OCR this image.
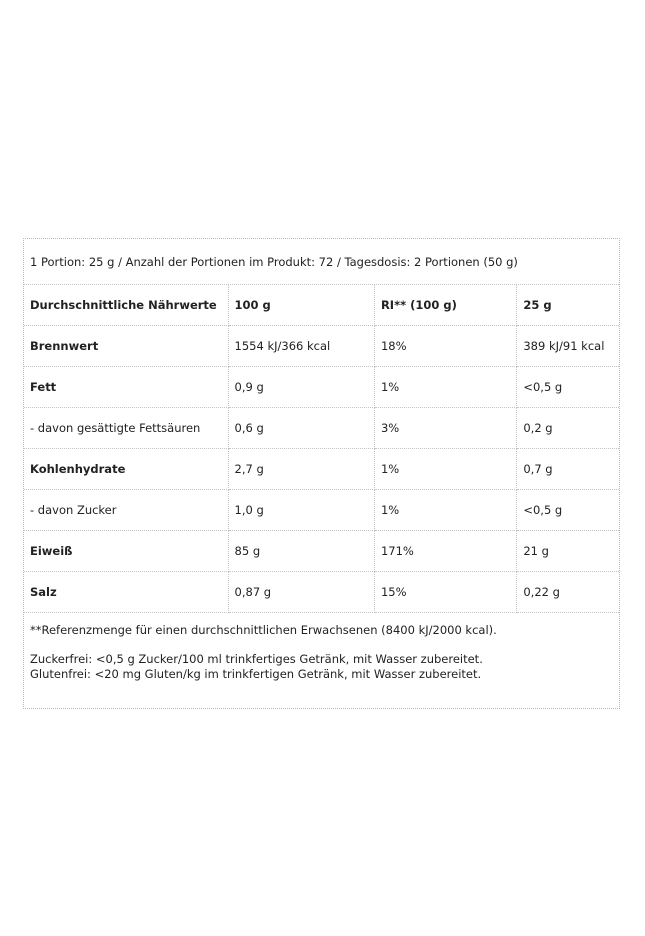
1 Portion: 25 g / Anzahl der Portionen im Produkt: 72 / Tagesdosis: 2 Portionen (50 g)			
Durchschnittliche Nährwerte	100 g	RI** (100 g)	25 g
Brennwert	1554 kJ/366 kcal	18%	389 kJ/91 kcal
Fett	0,9 g	1%	<0,5 g
- davon gesättigte Fettsäuren	0,6 g	3%	0,2 g
Kohlenhydrate	2,7 g	1%	0,7 g
- davon Zucker	1,0 g	1%	<0,5 g
Eiweiß	85 g	171%	21 g
Salz	0,87 g	15%	0,22 g

**Referenzmenge für einen durchschnittlichen Erwachsenen (8400 kJ/2000 kcal).

Zuckerfrei: <0,5 g Zucker/100 ml trinkfertiges Getränk, mit Wasser zubereitet.

Glutenfrei: <20 mg Gluten/kg im trinkfertigen Getränk, mit Wasser zubereitet.			
